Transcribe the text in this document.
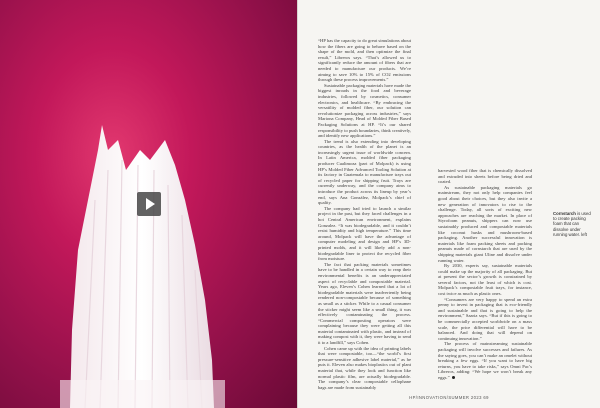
“HP has the capacity to do great simulations about how the fibers are going to behave based on the shape of the mold, and then optimize the final result,” Libreros says. “That’s allowed us to significantly reduce the amount of fibers that are needed to manufacture our products. We’re aiming to save 10% to 15% of CO2 emissions through these process improvements.”

Sustainable packaging materials have made the biggest inroads in the food and beverage industries, followed by cosmetics, consumer electronics, and healthcare. “By embracing the versatility of molded fiber, our solution can revolutionize packaging across industries,” says Mariona Company, Head of Molded Fiber Based Packaging Solutions at HP. “It’s our shared responsibility to push boundaries, think creatively, and identify new applications.”

The trend is also extending into developing countries, as the health of the planet is an increasingly urgent issue of worldwide concern. In Latin America, molded fiber packaging producer Cualimoza (part of Molpack) is using HP’s Molded Fiber Advanced Tooling Solution at its factory in Guatemala to manufacture trays out of recycled paper for shipping fruit. Trays are currently underway, and the company aims to introduce the product across its lineup by year’s end, says Ana González, Molpack’s chief of quality.

The company had tried to launch a similar project in the past, but they faced challenges in a hot Central American environment, explains Gonzalez. “It was biodegradable, and it couldn’t resist humidity and high temperature.” This time around, Molpack will have the advantage of computer modeling and design and HP’s 3D-printed molds, and it will likely add a non-biodegradable liner to protect the recycled fiber from moisture.

The fact that packing materials sometimes have to be handled in a certain way to reap their environmental benefits is an underappreciated aspect of recyclable and compostable material. Years ago, Eleven’s Cohen learned that a lot of biodegradable materials were inadvertently being rendered non-compostable because of something as small as a sticker. While to a casual consumer the sticker might seem like a small thing, it was effectively contaminating the process. “Commercial composting operators were complaining because they were getting all this material contaminated with plastic, and instead of making compost with it, they were having to send it to a landfill,” says Cohen.

Cohen came up with the idea of printing labels that were compostable, too—“the world’s first pressure-sensitive adhesive label material,” as he puts it. Eleven also makes bioplastics out of plant material that, while they look and function like normal plastic film, are actually biodegradable. The company’s clear compostable cellophane bags are made from sustainably

harvested wood fiber that is chemically dissolved and extruded into sheets before being dried and coated.

As sustainable packaging materials go mainstream, they not only help companies feel good about their choices, but they also invite a new generation of innovators to rise to the challenge. Today, all sorts of exciting new approaches are reaching the market. In place of Styrofoam peanuts, shippers can now use sustainably produced and compostable materials like coconut husks and mushroom-based packaging. Another successful innovation is materials like foam packing sheets and packing peanuts made of cornstarch that are used by the shipping materials giant Uline and dissolve under running water.

By 2030, experts say, sustainable materials could make up the majority of all packaging. But at present the sector’s growth is constrained by several factors, not the least of which is cost. Molpack’s compostable fruit trays, for instance, cost twice as much as plastic ones.

“Consumers are very happy to spend an extra penny to invest in packaging that is eco-friendly and sustainable and that is going to help the environment,” Saaria says. “But if this is going to be commercially accepted worldwide on a mass scale, the price differential will have to be balanced. And doing that will depend on continuing innovation.”

The process of mainstreaming sustainable packaging will involve successes and failures. As the saying goes, you can’t make an omelet without breaking a few eggs. “If you want to have big returns, you have to take risks,” says Omni Pac’s Libreros, adding: “We hope we won’t break any eggs.”

Cornstarch is used to create packing foam that can dissolve under running water. left
HP/INNOVATION/SUMMER 2023 69
